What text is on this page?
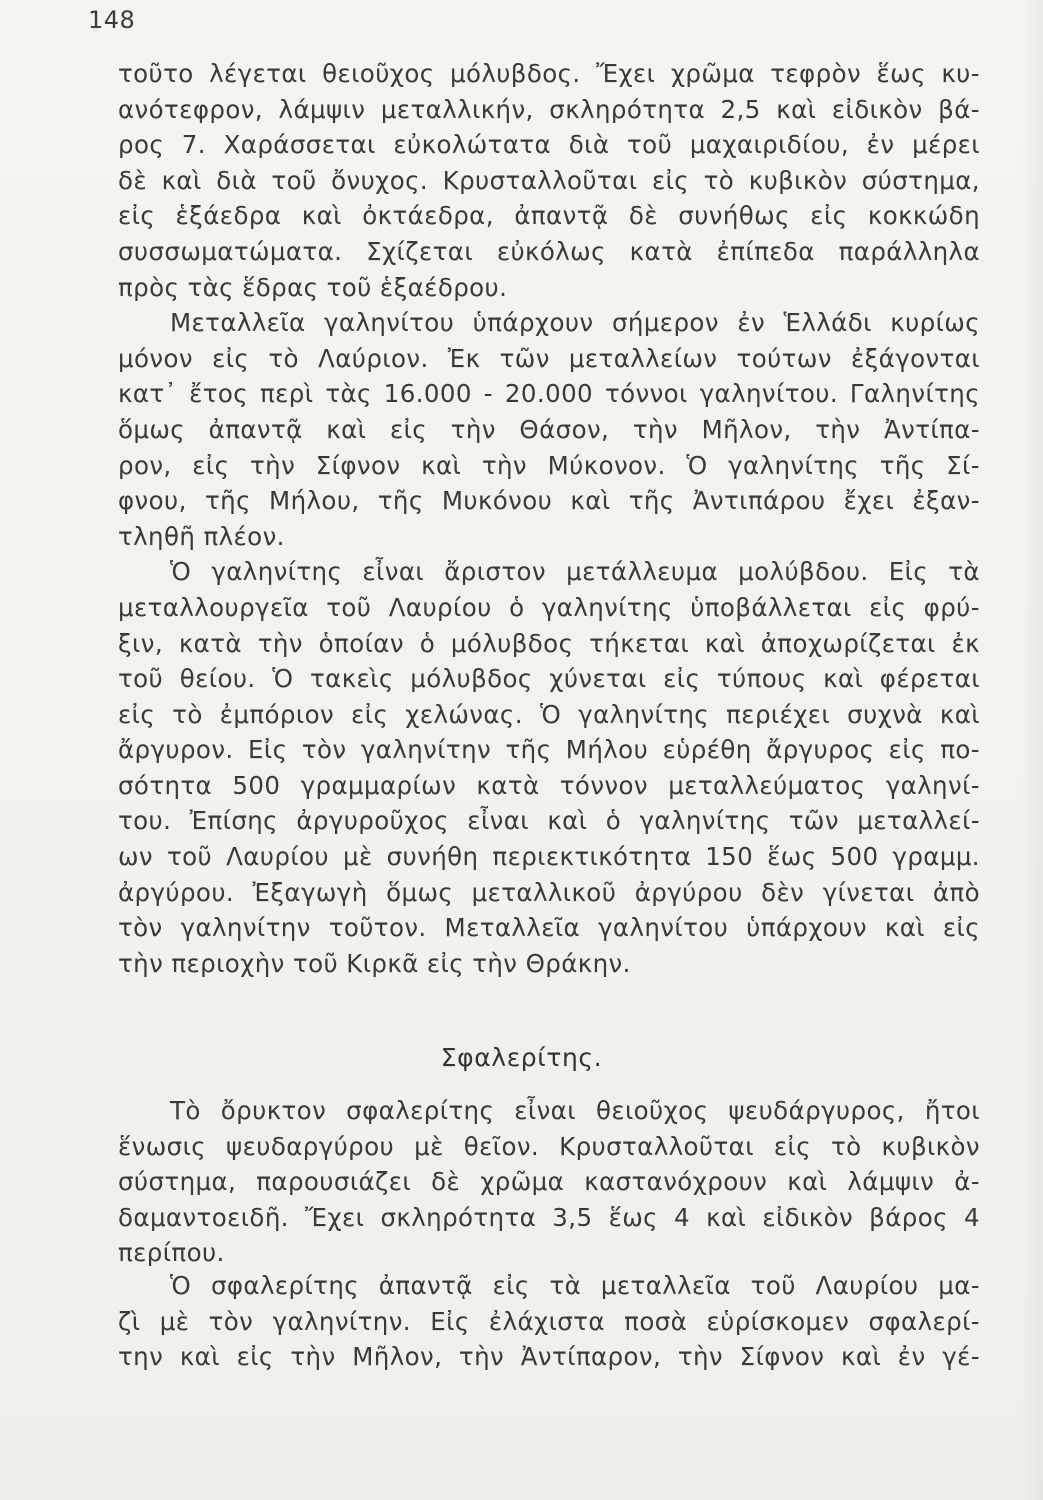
148
τοῦτο λέγεται θειοῦχος μόλυβδος. Ἔχει χρῶμα τεφρὸν ἕως κυ-
ανότεφρον, λάμψιν μεταλλικήν, σκληρότητα 2,5 καὶ εἰδικὸν βά-
ρος 7. Χαράσσεται εὐκολώτατα διὰ τοῦ μαχαιριδίου, ἐν μέρει
δὲ καὶ διὰ τοῦ ὄνυχος. Κρυσταλλοῦται εἰς τὸ κυβικὸν σύστημα,
εἰς ἑξάεδρα καὶ ὀκτάεδρα, ἀπαντᾷ δὲ συνήθως εἰς κοκκώδη
συσσωματώματα. Σχίζεται εὐκόλως κατὰ ἐπίπεδα παράλληλα
πρὸς τὰς ἕδρας τοῦ ἑξαέδρου.
Μεταλλεῖα γαληνίτου ὑπάρχουν σήμερον ἐν Ἑλλάδι κυρίως
μόνον εἰς τὸ Λαύριον. Ἐκ τῶν μεταλλείων τούτων ἐξάγονται
κατ᾽ ἔτος περὶ τὰς 16.000 - 20.000 τόννοι γαληνίτου. Γαληνίτης
ὅμως ἀπαντᾷ καὶ εἰς τὴν Θάσον, τὴν Μῆλον, τὴν Ἀντίπα-
ρον, εἰς τὴν Σίφνον καὶ τὴν Μύκονον. Ὁ γαληνίτης τῆς Σί-
φνου, τῆς Μήλου, τῆς Μυκόνου καὶ τῆς Ἀντιπάρου ἔχει ἐξαν-
τληθῆ πλέον.
Ὁ γαληνίτης εἶναι ἄριστον μετάλλευμα μολύβδου. Εἰς τὰ
μεταλλουργεῖα τοῦ Λαυρίου ὁ γαληνίτης ὑποβάλλεται εἰς φρύ-
ξιν, κατὰ τὴν ὁποίαν ὁ μόλυβδος τήκεται καὶ ἀποχωρίζεται ἐκ
τοῦ θείου. Ὁ τακεὶς μόλυβδος χύνεται εἰς τύπους καὶ φέρεται
εἰς τὸ ἐμπόριον εἰς χελώνας. Ὁ γαληνίτης περιέχει συχνὰ καὶ
ἄργυρον. Εἰς τὸν γαληνίτην τῆς Μήλου εὑρέθη ἄργυρος εἰς πο-
σότητα 500 γραμμαρίων κατὰ τόννον μεταλλεύματος γαληνί-
του. Ἐπίσης ἀργυροῦχος εἶναι καὶ ὁ γαληνίτης τῶν μεταλλεί-
ων τοῦ Λαυρίου μὲ συνήθη περιεκτικότητα 150 ἕως 500 γραμμ.
ἀργύρου. Ἐξαγωγὴ ὅμως μεταλλικοῦ ἀργύρου δὲν γίνεται ἀπὸ
τὸν γαληνίτην τοῦτον. Μεταλλεῖα γαληνίτου ὑπάρχουν καὶ εἰς
τὴν περιοχὴν τοῦ Κιρκᾶ εἰς τὴν Θράκην.
Σφαλερίτης.
Τὸ ὄρυκτον σφαλερίτης εἶναι θειοῦχος ψευδάργυρος, ἤτοι
ἕνωσις ψευδαργύρου μὲ θεῖον. Κρυσταλλοῦται εἰς τὸ κυβικὸν
σύστημα, παρουσιάζει δὲ χρῶμα καστανόχρουν καὶ λάμψιν ἀ-
δαμαντοειδῆ. Ἔχει σκληρότητα 3,5 ἕως 4 καὶ εἰδικὸν βάρος 4
περίπου.
Ὁ σφαλερίτης ἀπαντᾷ εἰς τὰ μεταλλεῖα τοῦ Λαυρίου μα-
ζὶ μὲ τὸν γαληνίτην. Εἰς ἐλάχιστα ποσὰ εὑρίσκομεν σφαλερί-
την καὶ εἰς τὴν Μῆλον, τὴν Ἀντίπαρον, τὴν Σίφνον καὶ ἐν γέ-
